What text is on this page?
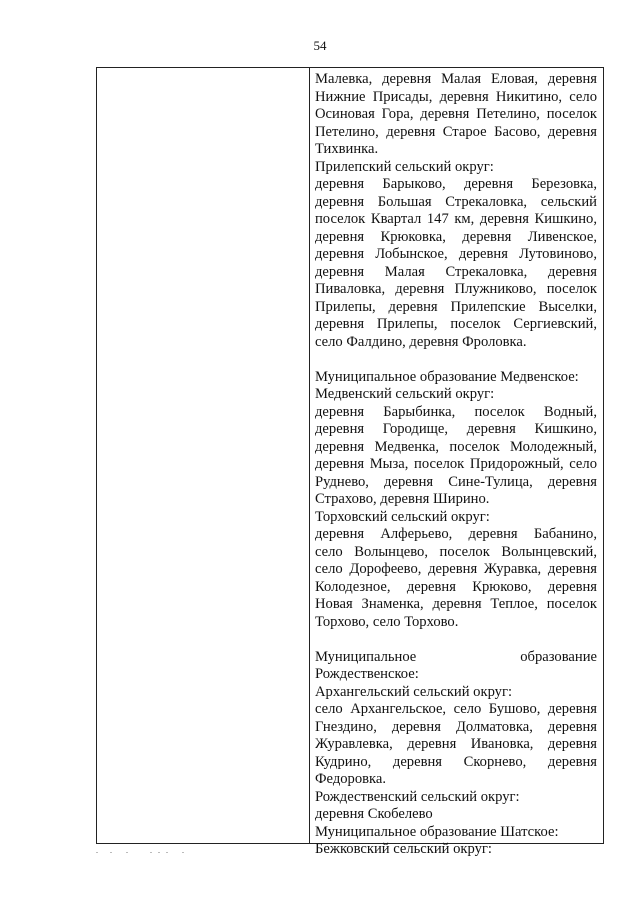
54
Малевка, деревня Малая Еловая, деревня
Нижние Присады, деревня Никитино, село
Осиновая Гора, деревня Петелино, поселок
Петелино, деревня Старое Басово, деревня
Тихвинка.
Прилепский сельский округ:
деревня Барыково, деревня Березовка,
деревня Большая Стрекаловка, сельский
поселок Квартал 147 км, деревня Кишкино,
деревня Крюковка, деревня Ливенское,
деревня Лобынское, деревня Лутовиново,
деревня Малая Стрекаловка, деревня
Пиваловка, деревня Плужниково, поселок
Прилепы, деревня Прилепские Выселки,
деревня Прилепы, поселок Сергиевский,
село Фалдино, деревня Фроловка.
Муниципальное образование Медвенское:
Медвенский сельский округ:
деревня Барыбинка, поселок Водный,
деревня Городище, деревня Кишкино,
деревня Медвенка, поселок Молодежный,
деревня Мыза, поселок Придорожный, село
Руднево, деревня Сине-Тулица, деревня
Страхово, деревня Ширино.
Торховский сельский округ:
деревня Алферьево, деревня Бабанино,
село Волынцево, поселок Волынцевский,
село Дорофеево, деревня Журавка, деревня
Колодезное, деревня Крюково, деревня
Новая Знаменка, деревня Теплое, поселок
Торхово, село Торхово.
Муниципальное образование
Рождественское:
Архангельский сельский округ:
село Архангельское, село Бушово, деревня
Гнездино, деревня Долматовка, деревня
Журавлевка, деревня Ивановка, деревня
Кудрино, деревня Скорнево, деревня
Федоровка.
Рождественский сельский округ:
деревня Скобелево
Муниципальное образование Шатское:
Бежковский сельский округ:
